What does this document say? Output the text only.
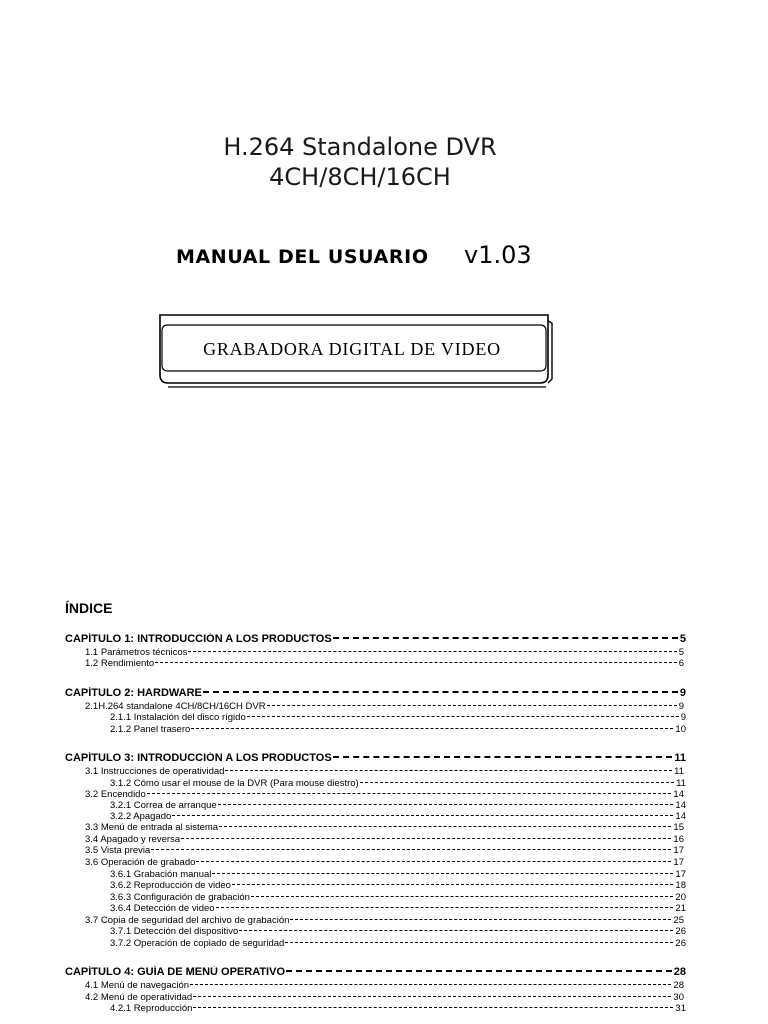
H.264 Standalone DVR
4CH/8CH/16CH
MANUAL DEL USUARIO v1.03
GRABADORA DIGITAL DE VIDEO
ÍNDICE
CAPÍTULO 1: INTRODUCCIÓN A LOS PRODUCTOS	5
1.1 Parámetros técnicos	5
1.2 Rendimiento	6
CAPÍTULO 2: HARDWARE	9
2.1H.264 standalone 4CH/8CH/16CH DVR	9
2.1.1 Instalación del disco rígido	9
2.1.2 Panel trasero	10
CAPÍTULO 3: INTRODUCCIÓN A LOS PRODUCTOS	11
3.1 Instrucciones de operatividad	11
3.1.2 Cómo usar el mouse de la DVR (Para mouse diestro)	11
3.2 Encendido	14
3.2.1 Correa de arranque	14
3.2.2 Apagado	14
3.3 Menú de entrada al sistema	15
3.4 Apagado y reversa	16
3.5 Vista previa	17
3.6 Operación de grabado	17
3.6.1 Grabación manual	17
3.6.2 Reproducción de video	18
3.6.3 Configuración de grabación	20
3.6.4 Detección de video	21
3.7 Copia de seguridad del archivo de grabación	25
3.7.1 Detección del dispositivo	26
3.7.2 Operación de copiado de seguridad	26
CAPÍTULO 4: GUÍA DE MENÚ OPERATIVO	28
4.1 Menú de navegación	28
4.2 Menú de operatividad	30
4.2.1 Reproducción	31
